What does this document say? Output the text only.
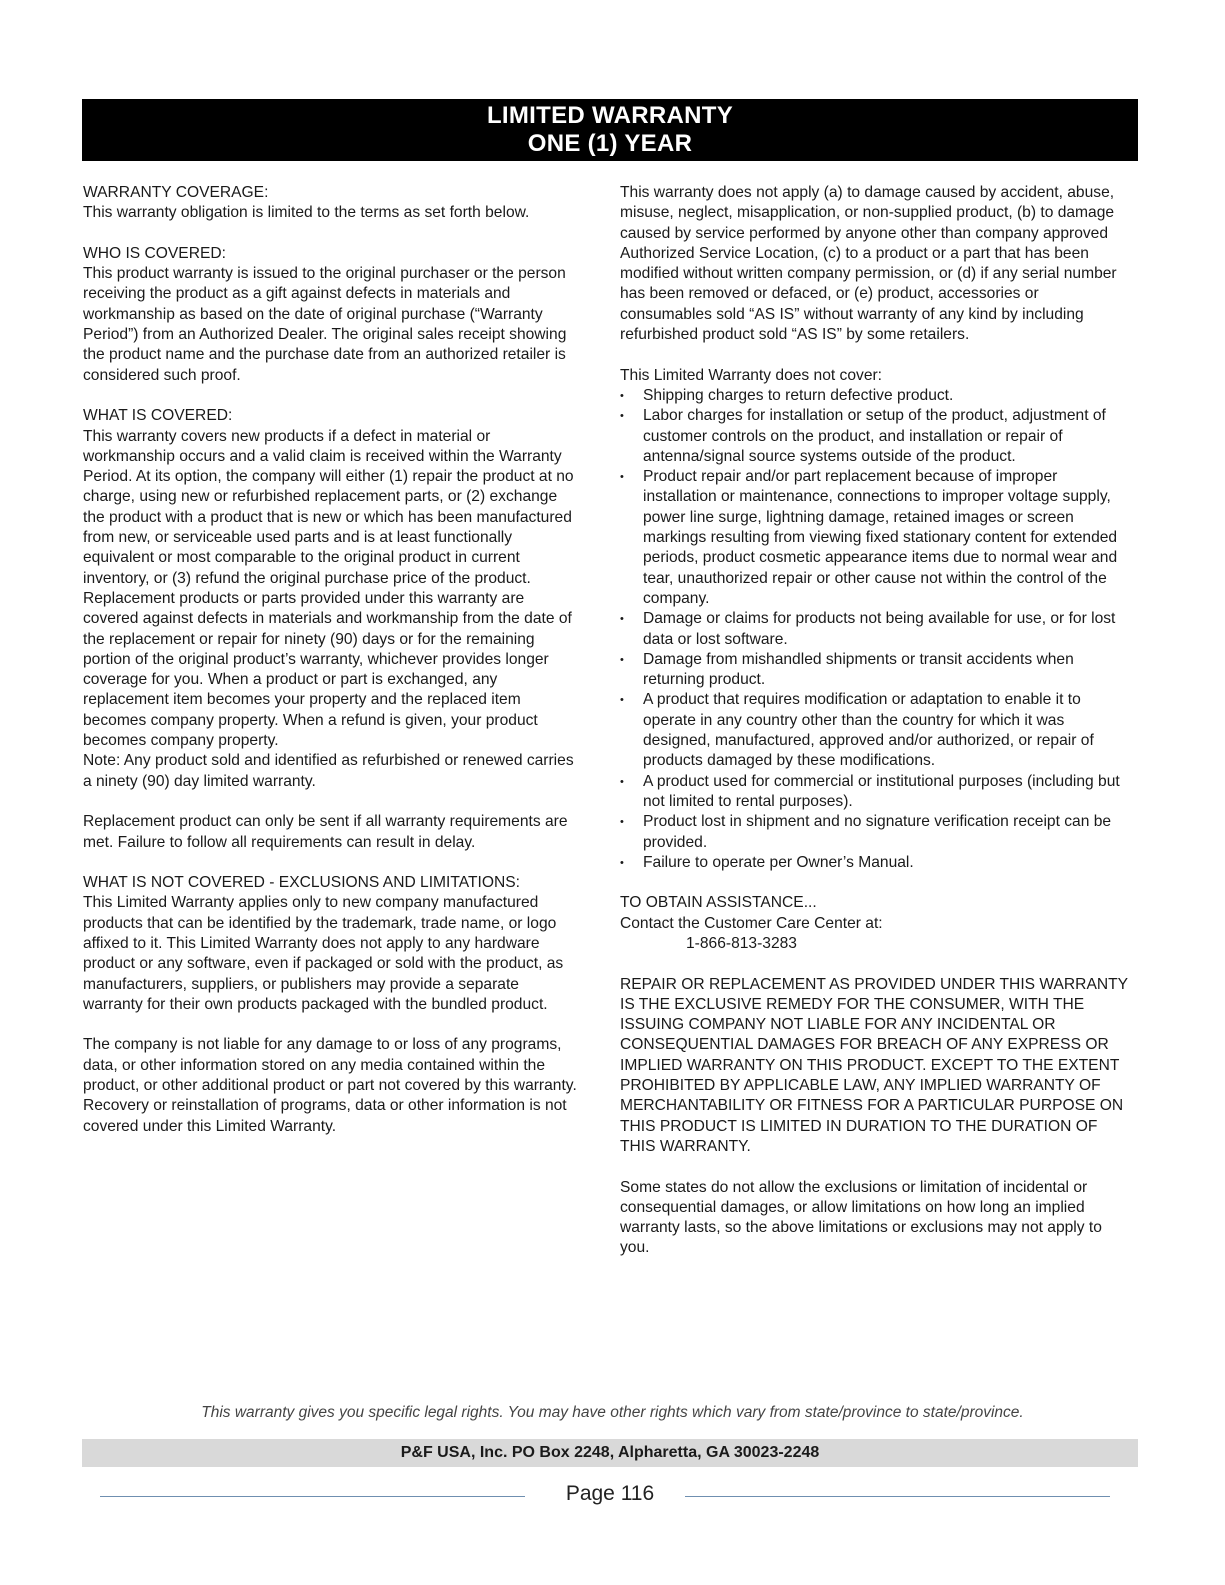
LIMITED WARRANTY
ONE (1) YEAR

WARRANTY COVERAGE:

This warranty obligation is limited to the terms as set forth below.

WHO IS COVERED:

This product warranty is issued to the original purchaser or the person receiving the product as a gift against defects in materials and workmanship as based on the date of original purchase (“Warranty Period”) from an Authorized Dealer. The original sales receipt showing the product name and the purchase date from an authorized retailer is considered such proof.

WHAT IS COVERED:

This warranty covers new products if a defect in material or workmanship occurs and a valid claim is received within the Warranty Period. At its option, the company will either (1) repair the product at no charge, using new or refurbished replacement parts, or (2) exchange the product with a product that is new or which has been manufactured from new, or serviceable used parts and is at least functionally equivalent or most comparable to the original product in current inventory, or (3) refund the original purchase price of the product.

Replacement products or parts provided under this warranty are covered against defects in materials and workmanship from the date of the replacement or repair for ninety (90) days or for the remaining portion of the original product’s warranty, whichever provides longer coverage for you. When a product or part is exchanged, any replacement item becomes your property and the replaced item becomes company property. When a refund is given, your product becomes company property.

Note: Any product sold and identified as refurbished or renewed carries a ninety (90) day limited warranty.

Replacement product can only be sent if all warranty requirements are met. Failure to follow all requirements can result in delay.

WHAT IS NOT COVERED - EXCLUSIONS AND LIMITATIONS:

This Limited Warranty applies only to new company manufactured products that can be identified by the trademark, trade name, or logo affixed to it. This Limited Warranty does not apply to any hardware product or any software, even if packaged or sold with the product, as manufacturers, suppliers, or publishers may provide a separate warranty for their own products packaged with the bundled product.

The company is not liable for any damage to or loss of any programs, data, or other information stored on any media contained within the product, or other additional product or part not covered by this warranty. Recovery or reinstallation of programs, data or other information is not covered under this Limited Warranty.

This warranty does not apply (a) to damage caused by accident, abuse, misuse, neglect, misapplication, or non-supplied product, (b) to damage caused by service performed by anyone other than company approved Authorized Service Location, (c) to a product or a part that has been modified without written company permission, or (d) if any serial number has been removed or defaced, or (e) product, accessories or consumables sold “AS IS” without warranty of any kind by including refurbished product sold “AS IS” by some retailers.

This Limited Warranty does not cover:

• Shipping charges to return defective product.
• Labor charges for installation or setup of the product, adjustment of customer controls on the product, and installation or repair of antenna/signal source systems outside of the product.
• Product repair and/or part replacement because of improper installation or maintenance, connections to improper voltage supply, power line surge, lightning damage, retained images or screen markings resulting from viewing fixed stationary content for extended periods, product cosmetic appearance items due to normal wear and tear, unauthorized repair or other cause not within the control of the company.
• Damage or claims for products not being available for use, or for lost data or lost software.
• Damage from mishandled shipments or transit accidents when returning product.
• A product that requires modification or adaptation to enable it to operate in any country other than the country for which it was designed, manufactured, approved and/or authorized, or repair of products damaged by these modifications.
• A product used for commercial or institutional purposes (including but not limited to rental purposes).
• Product lost in shipment and no signature verification receipt can be provided.
• Failure to operate per Owner’s Manual.

TO OBTAIN ASSISTANCE...

Contact the Customer Care Center at:

1-866-813-3283

REPAIR OR REPLACEMENT AS PROVIDED UNDER THIS WARRANTY IS THE EXCLUSIVE REMEDY FOR THE CONSUMER, WITH THE ISSUING COMPANY NOT LIABLE FOR ANY INCIDENTAL OR CONSEQUENTIAL DAMAGES FOR BREACH OF ANY EXPRESS OR IMPLIED WARRANTY ON THIS PRODUCT. EXCEPT TO THE EXTENT PROHIBITED BY APPLICABLE LAW, ANY IMPLIED WARRANTY OF MERCHANTABILITY OR FITNESS FOR A PARTICULAR PURPOSE ON THIS PRODUCT IS LIMITED IN DURATION TO THE DURATION OF THIS WARRANTY.

Some states do not allow the exclusions or limitation of incidental or consequential damages, or allow limitations on how long an implied warranty lasts, so the above limitations or exclusions may not apply to you.

This warranty gives you specific legal rights. You may have other rights which vary from state/province to state/province.
P&F USA, Inc. PO Box 2248, Alpharetta, GA 30023-2248
Page 116
